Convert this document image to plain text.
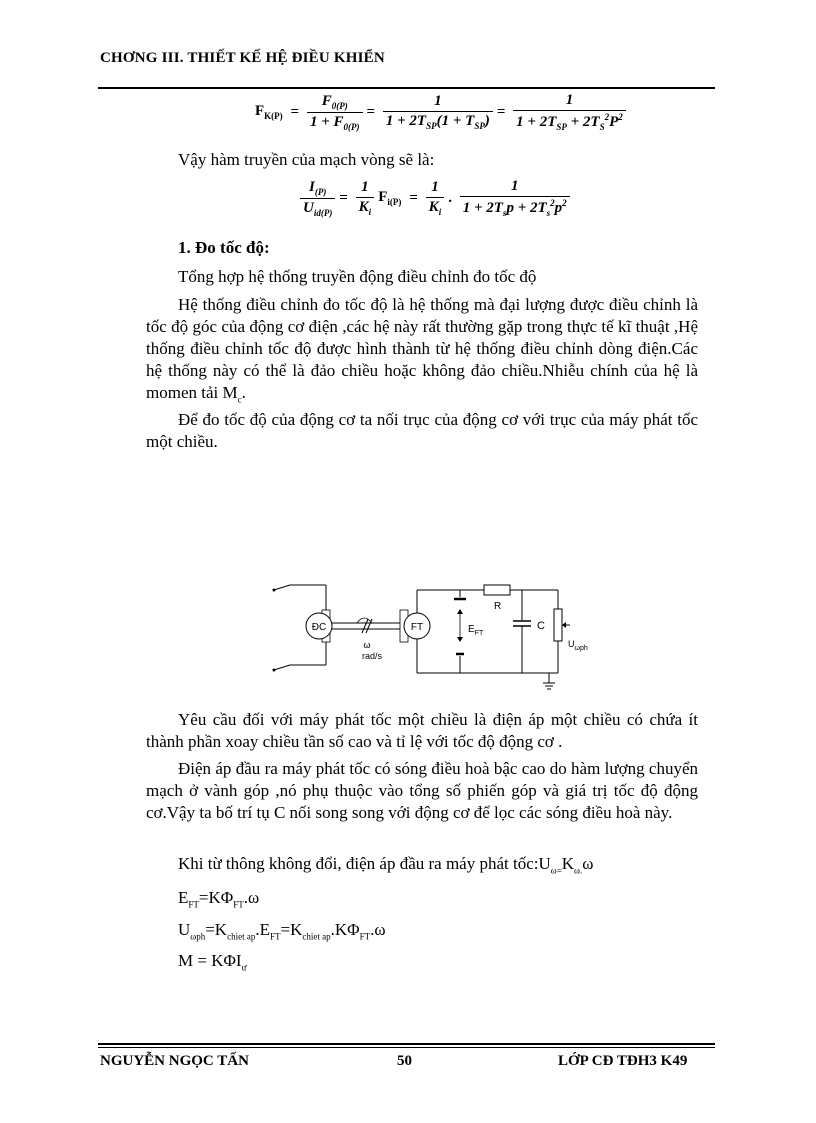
CHƠNG III. THIẾT KẾ HỆ ĐIỀU KHIỂN
$F_{K(P)} = \frac{F_{0(P)}}{1 + F_{0(P)}} = \frac{1}{1 + 2T_{SP}(1 + T_{SP})} = \frac{1}{1 + 2T_{SP} + 2T_S^2P^2}$
Vậy hàm truyền của mạch vòng sẽ là:
$\frac{I_{(P)}}{U_{id(P)}} = \frac{1}{K_i} F_{i(P)} = \frac{1}{K_i}$ . $\frac{1}{1 + 2T_sp + 2T_s^2p^2}$
1. Đo tốc độ:
Tổng hợp hệ thống truyền động điều chỉnh đo tốc độ
Hệ thống điều chỉnh đo tốc độ là hệ thống mà đại lượng được điều chỉnh là tốc độ góc của động cơ điện ,các hệ này rất thường gặp trong thực tế kĩ thuật ,Hệ thống điều chỉnh tốc độ được hình thành từ hệ thống điều chỉnh dòng điện.Các hệ thống này có thể là đảo chiều hoặc không đảo chiều.Nhiễu chính của hệ là momen tải $M_c$.
Để đo tốc độ của động cơ ta nối trục của động cơ với trục của máy phát tốc một chiều.
ĐC
ω
rad/s
FT	$E_{FT}$
R
C
$U_{\omega ph}$
Yêu cầu đối với máy phát tốc một chiều là điện áp một chiều có chứa ít thành phần xoay chiều tần số cao và tỉ lệ với tốc độ động cơ .
Điện áp đầu ra máy phát tốc có sóng điều hoà bậc cao do hàm lượng chuyển mạch ở vành góp ,nó phụ thuộc vào tổng số phiến góp và giá trị tốc độ động cơ.Vậy ta bố trí tụ C nối song song với động cơ để lọc các sóng điều hoà này.
Khi từ thông không đổi, điện áp đầu ra máy phát $tốc:U_{\omega=}K_{\omega.}\omega$
$E_{FT}=K\Phi_{FT}.\omega$
$U_{\omega ph}=K_{chiet ap}.E_{FT}=K_{chiet ap}.K\Phi_{FT}.\omega$
$M = K\Phi I_ư$
NGUYỄN NGỌC TẤN	50	LỚP CĐ TĐH3 K49
